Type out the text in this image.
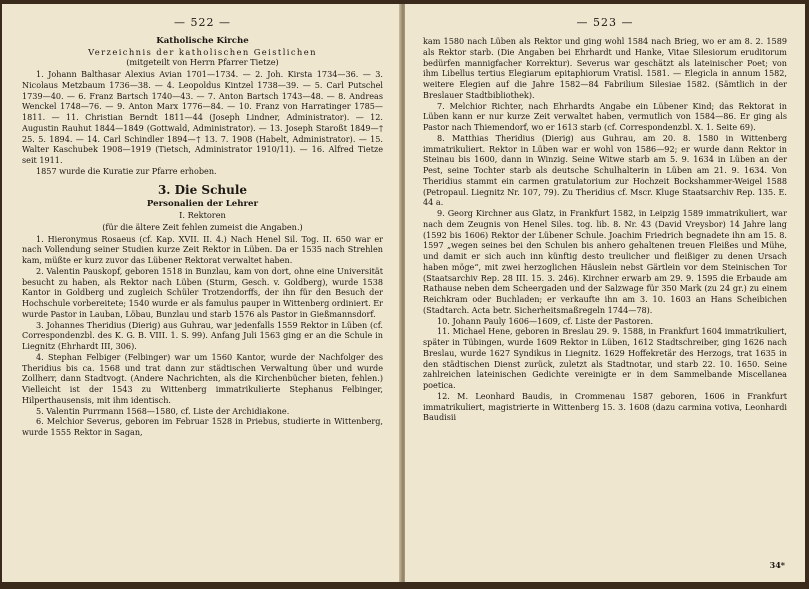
— 522 —
Katholische Kirche
Verzeichnis der katholischen Geistlichen
(mitgeteilt von Herrn Pfarrer Tietze)

1. Johann Balthasar Alexius Avian 1701—1734. — 2. Joh. Kirsta 1734—36. — 3. Nicolaus Metzbaum 1736—38. — 4. Leopoldus Kintzel 1738—39. — 5. Carl Putschel 1739—40. — 6. Franz Bartsch 1740—43. — 7. Anton Bartsch 1743—48. — 8. Andreas Wenckel 1748—76. — 9. Anton Marx 1776—84. — 10. Franz von Harratinger 1785—1811. — 11. Christian Berndt 1811—44 (Joseph Lindner, Administrator). — 12. Augustin Rauhut 1844—1849 (Gottwald, Administrator). — 13. Joseph Staroßt 1849—† 25. 5. 1894. — 14. Carl Schindler 1894—† 13. 7. 1908 (Habelt, Administrator). — 15. Walter Kaschubek 1908—1919 (Tietsch, Administrator 1910/11). — 16. Alfred Tietze seit 1911.

1857 wurde die Kuratie zur Pfarre erhoben.

3. Die Schule
Personalien der Lehrer
I. Rektoren
(für die ältere Zeit fehlen zumeist die Angaben.)

1. Hieronymus Rosaeus (cf. Kap. XVII. II. 4.) Nach Henel Sil. Tog. II. 650 war er nach Vollendung seiner Studien kurze Zeit Rektor in Lüben. Da er 1535 nach Strehlen kam, müßte er kurz zuvor das Lübener Rektorat verwaltet haben.

2. Valentin Pauskopf, geboren 1518 in Bunzlau, kam von dort, ohne eine Universität besucht zu haben, als Rektor nach Lüben (Sturm, Gesch. v. Goldberg), wurde 1538 Kantor in Goldberg und zugleich Schüler Trotzendorffs, der ihn für den Besuch der Hochschule vorbereitete; 1540 wurde er als famulus pauper in Wittenberg ordiniert. Er wurde Pastor in Lauban, Löbau, Bunzlau und starb 1576 als Pastor in Gießmannsdorf.

3. Johannes Theridius (Dierig) aus Guhrau, war jedenfalls 1559 Rektor in Lüben (cf. Correspondenzbl. des K. G. B. VIII. 1. S. 99). Anfang Juli 1563 ging er an die Schule in Liegnitz (Ehrhardt III, 306).

4. Stephan Felbiger (Felbinger) war um 1560 Kantor, wurde der Nachfolger des Theridius bis ca. 1568 und trat dann zur städtischen Verwaltung über und wurde Zollherr, dann Stadtvogt. (Andere Nachrichten, als die Kirchenbücher bieten, fehlen.) Vielleicht ist der 1543 zu Wittenberg immatrikulierte Stephanus Felbinger, Hilperthausensis, mit ihm identisch.

5. Valentin Purrmann 1568—1580, cf. Liste der Archidiakone.

6. Melchior Severus, geboren im Februar 1528 in Priebus, studierte in Wittenberg, wurde 1555 Rektor in Sagan,

— 523 —

kam 1580 nach Lüben als Rektor und ging wohl 1584 nach Brieg, wo er am 8. 2. 1589 als Rektor starb. (Die Angaben bei Ehrhardt und Hanke, Vitae Silesiorum eruditorum bedürfen mannigfacher Korrektur). Severus war geschätzt als lateinischer Poet; von ihm Libellus tertius Elegiarum epitaphiorum Vratisl. 1581. — Elegicla in annum 1582, weitere Elegien auf die Jahre 1582—84 Fabrilium Silesiae 1582. (Sämtlich in der Breslauer Stadtbibliothek).

7. Melchior Richter, nach Ehrhardts Angabe ein Lübener Kind; das Rektorat in Lüben kann er nur kurze Zeit verwaltet haben, vermutlich von 1584—86. Er ging als Pastor nach Thiemendorf, wo er 1613 starb (cf. Correspondenzbl. X. 1. Seite 69).

8. Matthias Theridius (Dierig) aus Guhrau, am 20. 8. 1580 in Wittenberg immatrikuliert. Rektor in Lüben war er wohl von 1586—92; er wurde dann Rektor in Steinau bis 1600, dann in Winzig. Seine Witwe starb am 5. 9. 1634 in Lüben an der Pest, seine Tochter starb als deutsche Schulhalterin in Lüben am 21. 9. 1634. Von Theridius stammt ein carmen gratulatorium zur Hochzeit Bockshammer-Weigel 1588 (Petropaul. Liegnitz Nr. 107, 79). Zu Theridius cf. Mscr. Kluge Staatsarchiv Rep. 135. E. 44 a.

9. Georg Kirchner aus Glatz, in Frankfurt 1582, in Leipzig 1589 immatrikuliert, war nach dem Zeugnis von Henel Siles. tog. lib. 8. Nr. 43 (David Vreysbor) 14 Jahre lang (1592 bis 1606) Rektor der Lübener Schule. Joachim Friedrich begnadete ihn am 15. 8. 1597 „wegen seines bei den Schulen bis anhero gehaltenen treuen Fleißes und Mühe, und damit er sich auch inn künftig desto treulicher und fleißiger zu denen Ursach haben möge“, mit zwei herzoglichen Häuslein nebst Gärtlein vor dem Steinischen Tor (Staatsarchiv Rep. 28 III. 15. 3. 246). Kirchner erwarb am 29. 9. 1595 die Erbaude am Rathause neben dem Scheergaden und der Salzwage für 350 Mark (zu 24 gr.) zu einem Reichkram oder Buchladen; er verkaufte ihn am 3. 10. 1603 an Hans Scheibichen (Stadtarch. Acta betr. Sicherheitsmaßregeln 1744—78).

10. Johann Pauly 1606—1609, cf. Liste der Pastoren.

11. Michael Hene, geboren in Breslau 29. 9. 1588, in Frankfurt 1604 immatrikuliert, später in Tübingen, wurde 1609 Rektor in Lüben, 1612 Stadtschreiber, ging 1626 nach Breslau, wurde 1627 Syndikus in Liegnitz. 1629 Hoffekretär des Herzogs, trat 1635 in den städtischen Dienst zurück, zuletzt als Stadtnotar, und starb 22. 10. 1650. Seine zahlreichen lateinischen Gedichte vereinigte er in dem Sammelbande Miscellanea poetica.

12. M. Leonhard Baudis, in Crommenau 1587 geboren, 1606 in Frankfurt immatrikuliert, magistrierte in Wittenberg 15. 3. 1608 (dazu carmina votiva, Leonhardi Baudisii

34*
